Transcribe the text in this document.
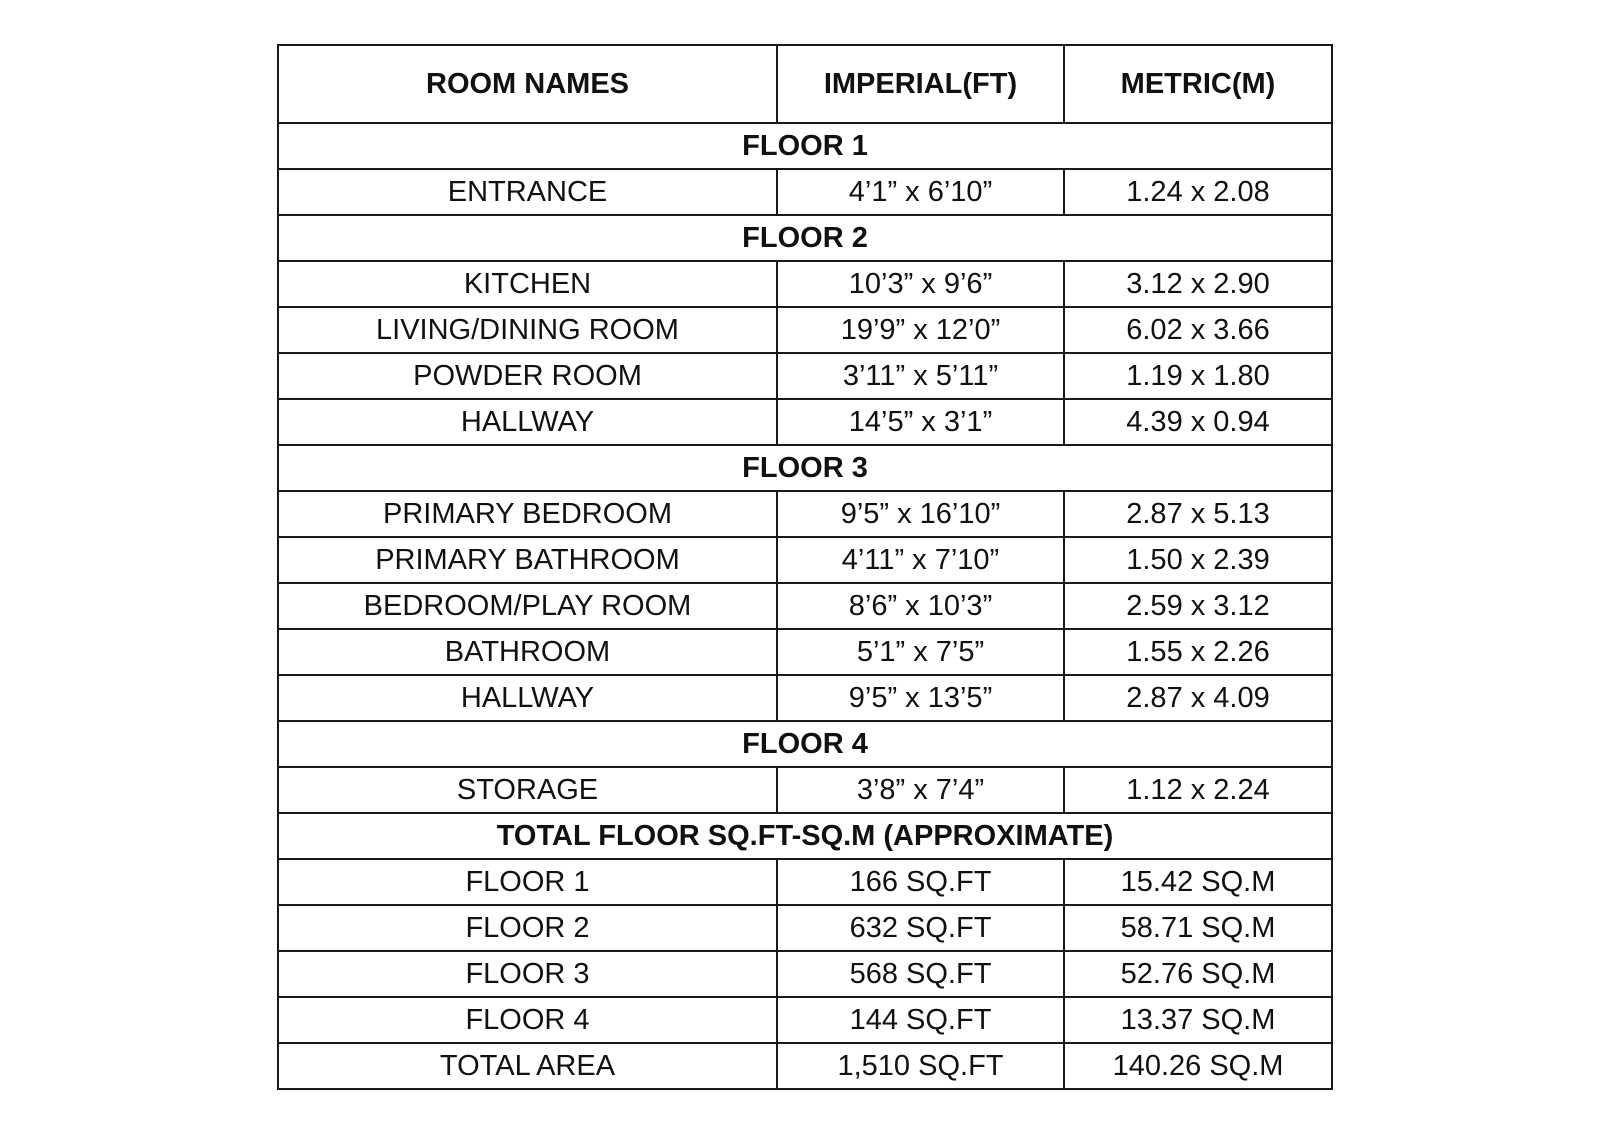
ROOM NAMES	IMPERIAL(FT)	METRIC(M)
FLOOR 1		
ENTRANCE	4’1” x 6’10”	1.24 x 2.08
FLOOR 2		
KITCHEN	10’3” x 9’6”	3.12 x 2.90
LIVING/DINING ROOM	19’9” x 12’0”	6.02 x 3.66
POWDER ROOM	3’11” x 5’11”	1.19 x 1.80
HALLWAY	14’5” x 3’1”	4.39 x 0.94
FLOOR 3		
PRIMARY BEDROOM	9’5” x 16’10”	2.87 x 5.13
PRIMARY BATHROOM	4’11” x 7’10”	1.50 x 2.39
BEDROOM/PLAY ROOM	8’6” x 10’3”	2.59 x 3.12
BATHROOM	5’1” x 7’5”	1.55 x 2.26
HALLWAY	9’5” x 13’5”	2.87 x 4.09
FLOOR 4		
STORAGE	3’8” x 7’4”	1.12 x 2.24
TOTAL FLOOR SQ.FT-SQ.M (APPROXIMATE)		
FLOOR 1	166 SQ.FT	15.42 SQ.M
FLOOR 2	632 SQ.FT	58.71 SQ.M
FLOOR 3	568 SQ.FT	52.76 SQ.M
FLOOR 4	144 SQ.FT	13.37 SQ.M
TOTAL AREA	1,510 SQ.FT	140.26 SQ.M
